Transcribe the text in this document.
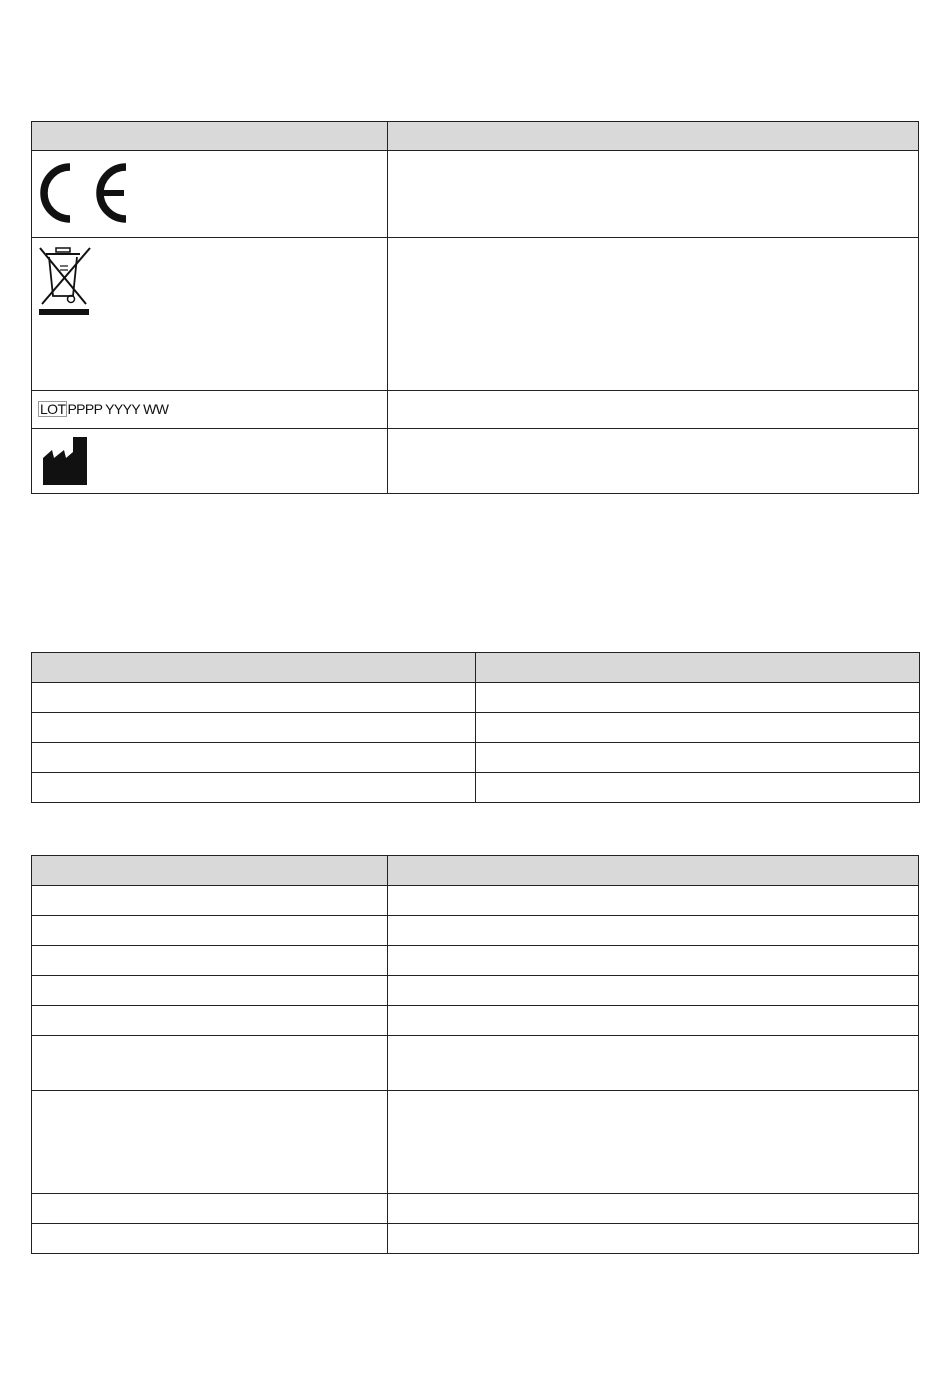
LOT PPPP YYYY WW	
